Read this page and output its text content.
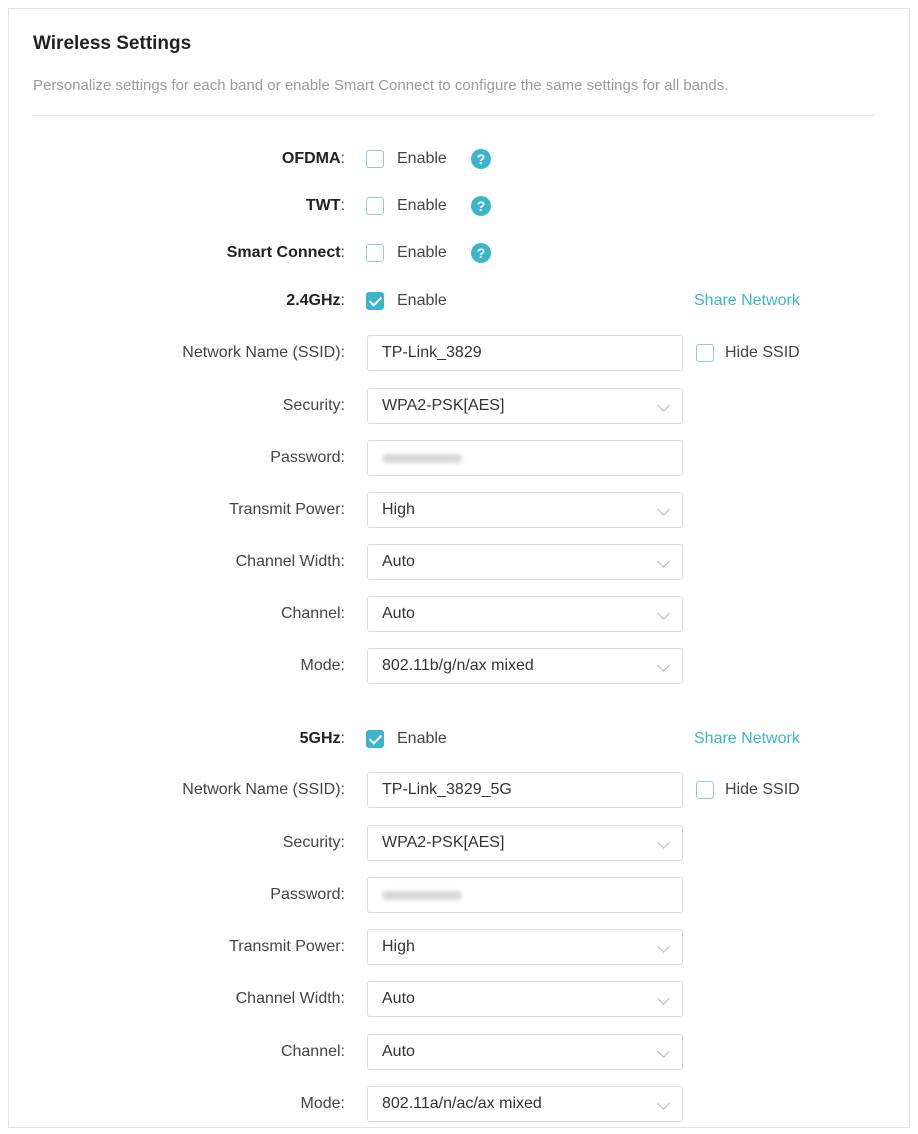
Wireless Settings
Personalize settings for each band or enable Smart Connect to configure the same settings for all bands.
OFDMA:	Enable	?
TWT:	Enable	?
Smart Connect:	Enable	?
2.4GHz:	Enable	Share Network
Network Name (SSID):	TP-Link_3829	Hide SSID
Security:	WPA2-PSK[AES]
Password:
Transmit Power:	High
Channel Width:	Auto
Channel:	Auto
Mode:	802.11b/g/n/ax mixed
5GHz:	Enable	Share Network
Network Name (SSID):	TP-Link_3829_5G	Hide SSID
Security:	WPA2-PSK[AES]
Password:
Transmit Power:	High
Channel Width:	Auto
Channel:	Auto
Mode:	802.11a/n/ac/ax mixed
